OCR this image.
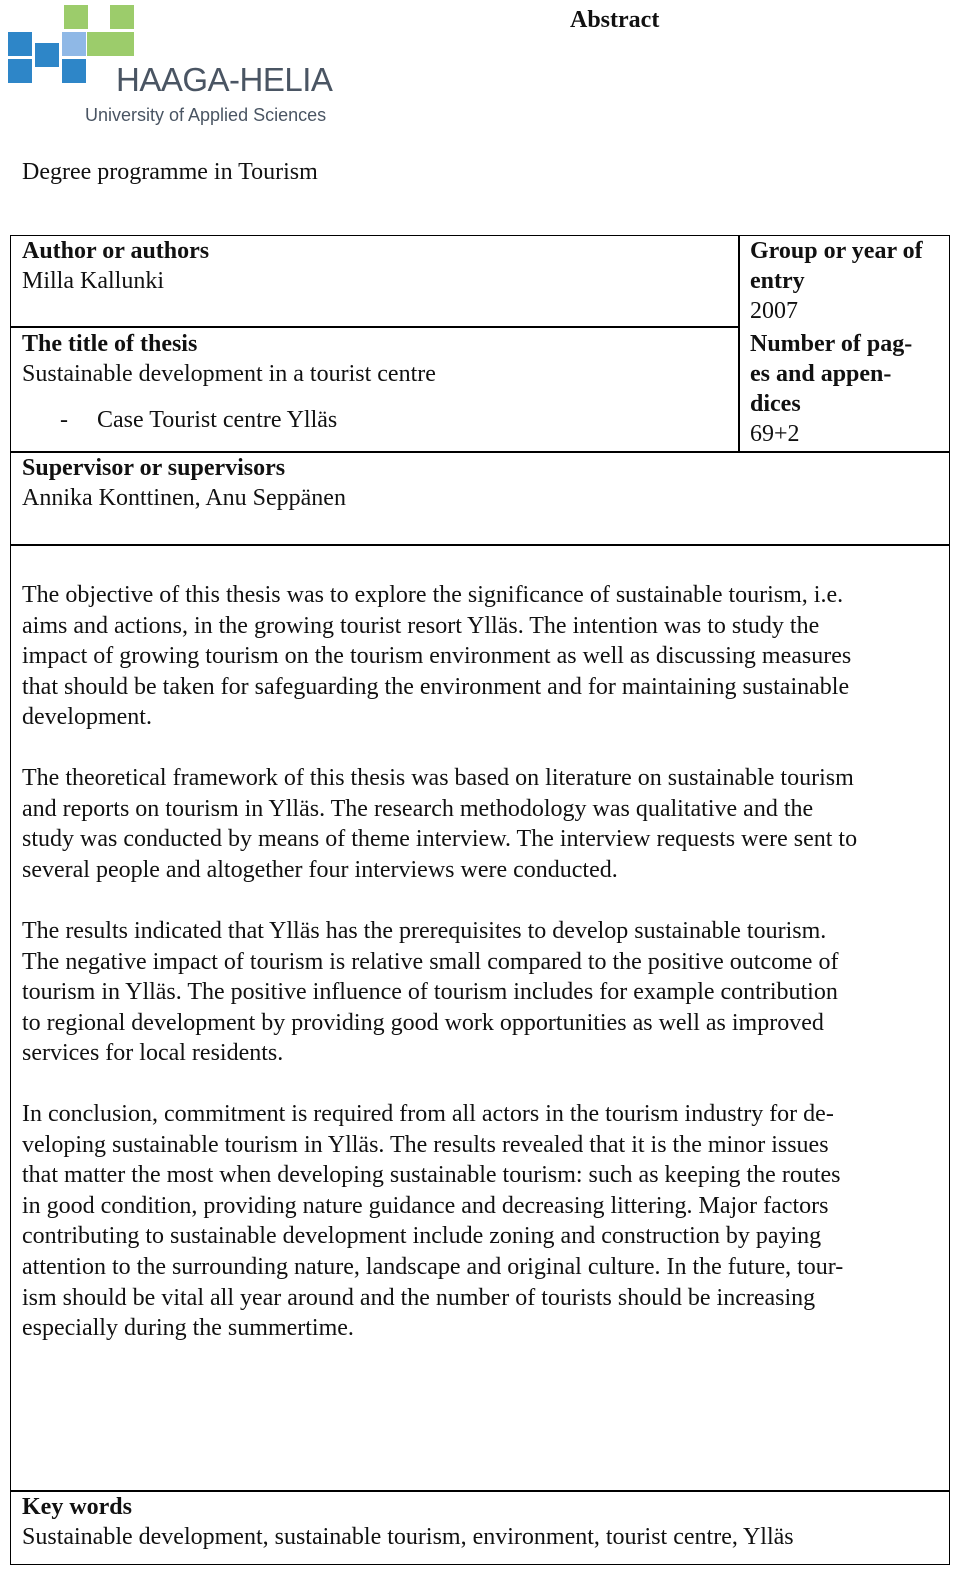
HAAGA-HELIA
University of Applied Sciences
Abstract
Degree programme in Tourism

Author or authors

Milla Kallunki

The title of thesis

Sustainable development in a tourist centre

- Case Tourist centre Ylläs

Supervisor or supervisors

Annika Konttinen, Anu Seppänen

Group or year of

entry

2007

Number of pag-

es and appen-

dices

69+2

The objective of this thesis was to explore the significance of sustainable tourism, i.e.
aims and actions, in the growing tourist resort Ylläs. The intention was to study the
impact of growing tourism on the tourism environment as well as discussing measures
that should be taken for safeguarding the environment and for maintaining sustainable
development.
The theoretical framework of this thesis was based on literature on sustainable tourism
and reports on tourism in Ylläs. The research methodology was qualitative and the
study was conducted by means of theme interview. The interview requests were sent to
several people and altogether four interviews were conducted.
The results indicated that Ylläs has the prerequisites to develop sustainable tourism.
The negative impact of tourism is relative small compared to the positive outcome of
tourism in Ylläs. The positive influence of tourism includes for example contribution
to regional development by providing good work opportunities as well as improved
services for local residents.
In conclusion, commitment is required from all actors in the tourism industry for de-
veloping sustainable tourism in Ylläs. The results revealed that it is the minor issues
that matter the most when developing sustainable tourism: such as keeping the routes
in good condition, providing nature guidance and decreasing littering. Major factors
contributing to sustainable development include zoning and construction by paying
attention to the surrounding nature, landscape and original culture. In the future, tour-
ism should be vital all year around and the number of tourists should be increasing
especially during the summertime.

Key words

Sustainable development, sustainable tourism, environment, tourist centre, Ylläs
